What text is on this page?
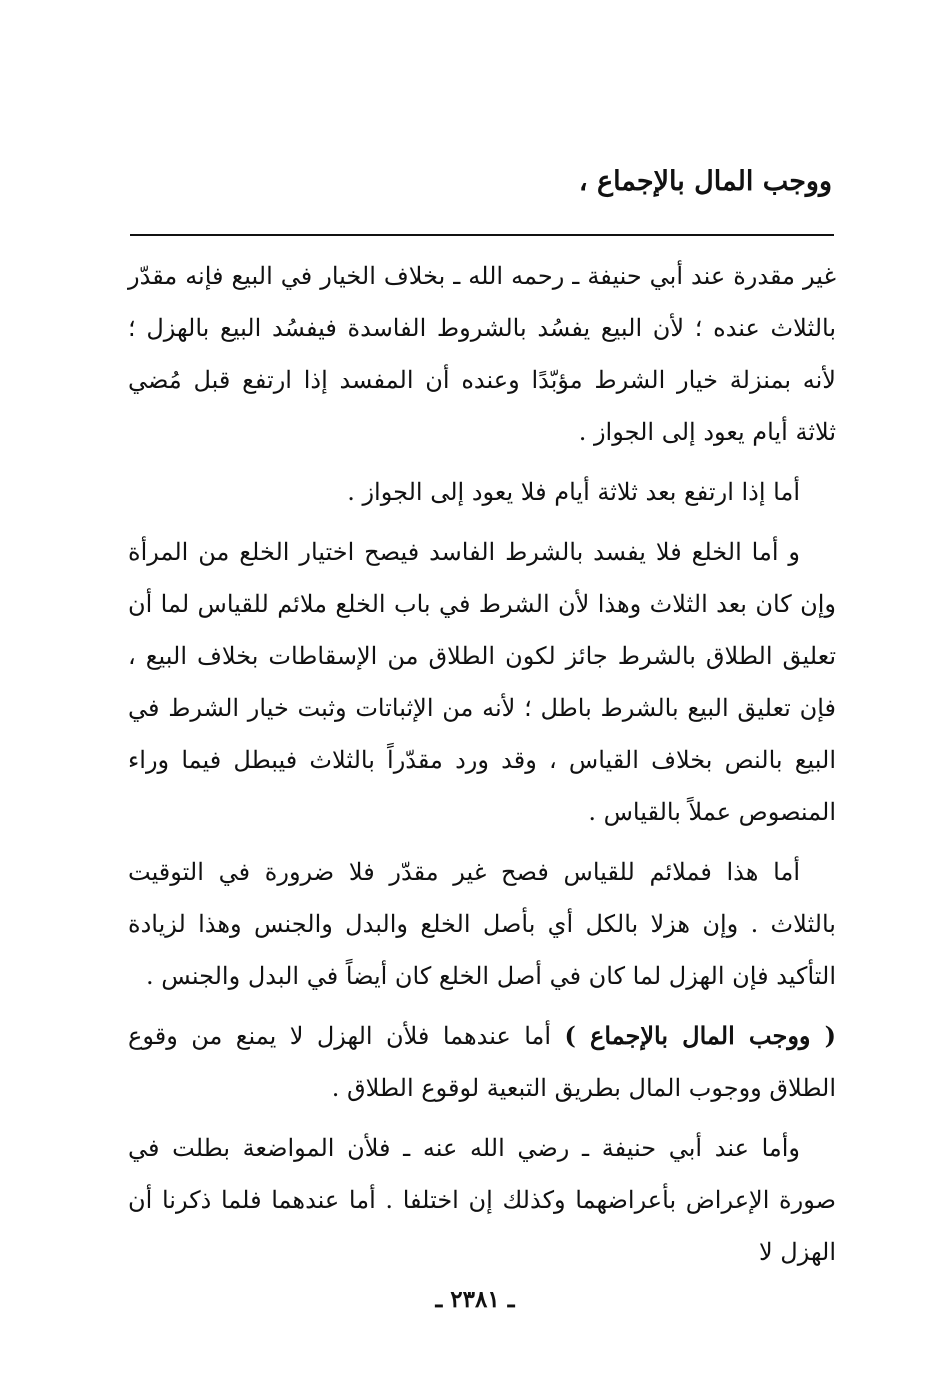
ووجب المال بالإجماع ،

غير مقدرة عند أبي حنيفة ـ رحمه الله ـ بخلاف الخيار في البيع فإنه مقدّر بالثلاث عنده ؛ لأن البيع يفسُد بالشروط الفاسدة فيفسُد البيع بالهزل ؛ لأنه بمنزلة خيار الشرط مؤبّدًا وعنده أن المفسد إذا ارتفع قبل مُضي ثلاثة أيام يعود إلى الجواز .

أما إذا ارتفع بعد ثلاثة أيام فلا يعود إلى الجواز .

و أما الخلع فلا يفسد بالشرط الفاسد فيصح اختيار الخلع من المرأة وإن كان بعد الثلاث وهذا لأن الشرط في باب الخلع ملائم للقياس لما أن تعليق الطلاق بالشرط جائز لكون الطلاق من الإسقاطات بخلاف البيع ، فإن تعليق البيع بالشرط باطل ؛ لأنه من الإثباتات وثبت خيار الشرط في البيع بالنص بخلاف القياس ، وقد ورد مقدّراً بالثلاث فيبطل فيما وراء المنصوص عملاً بالقياس .

أما هذا فملائم للقياس فصح غير مقدّر فلا ضرورة في التوقيت بالثلاث . وإن هزلا بالكل أي بأصل الخلع والبدل والجنس وهذا لزيادة التأكيد فإن الهزل لما كان في أصل الخلع كان أيضاً في البدل والجنس .

( ووجب المال بالإجماع ) أما عندهما فلأن الهزل لا يمنع من وقوع الطلاق ووجوب المال بطريق التبعية لوقوع الطلاق .

وأما عند أبي حنيفة ـ رضي الله عنه ـ فلأن المواضعة بطلت في صورة الإعراض بأعراضهما وكذلك إن اختلفا . أما عندهما فلما ذكرنا أن الهزل لا

ـ ٢٣٨١ ـ
